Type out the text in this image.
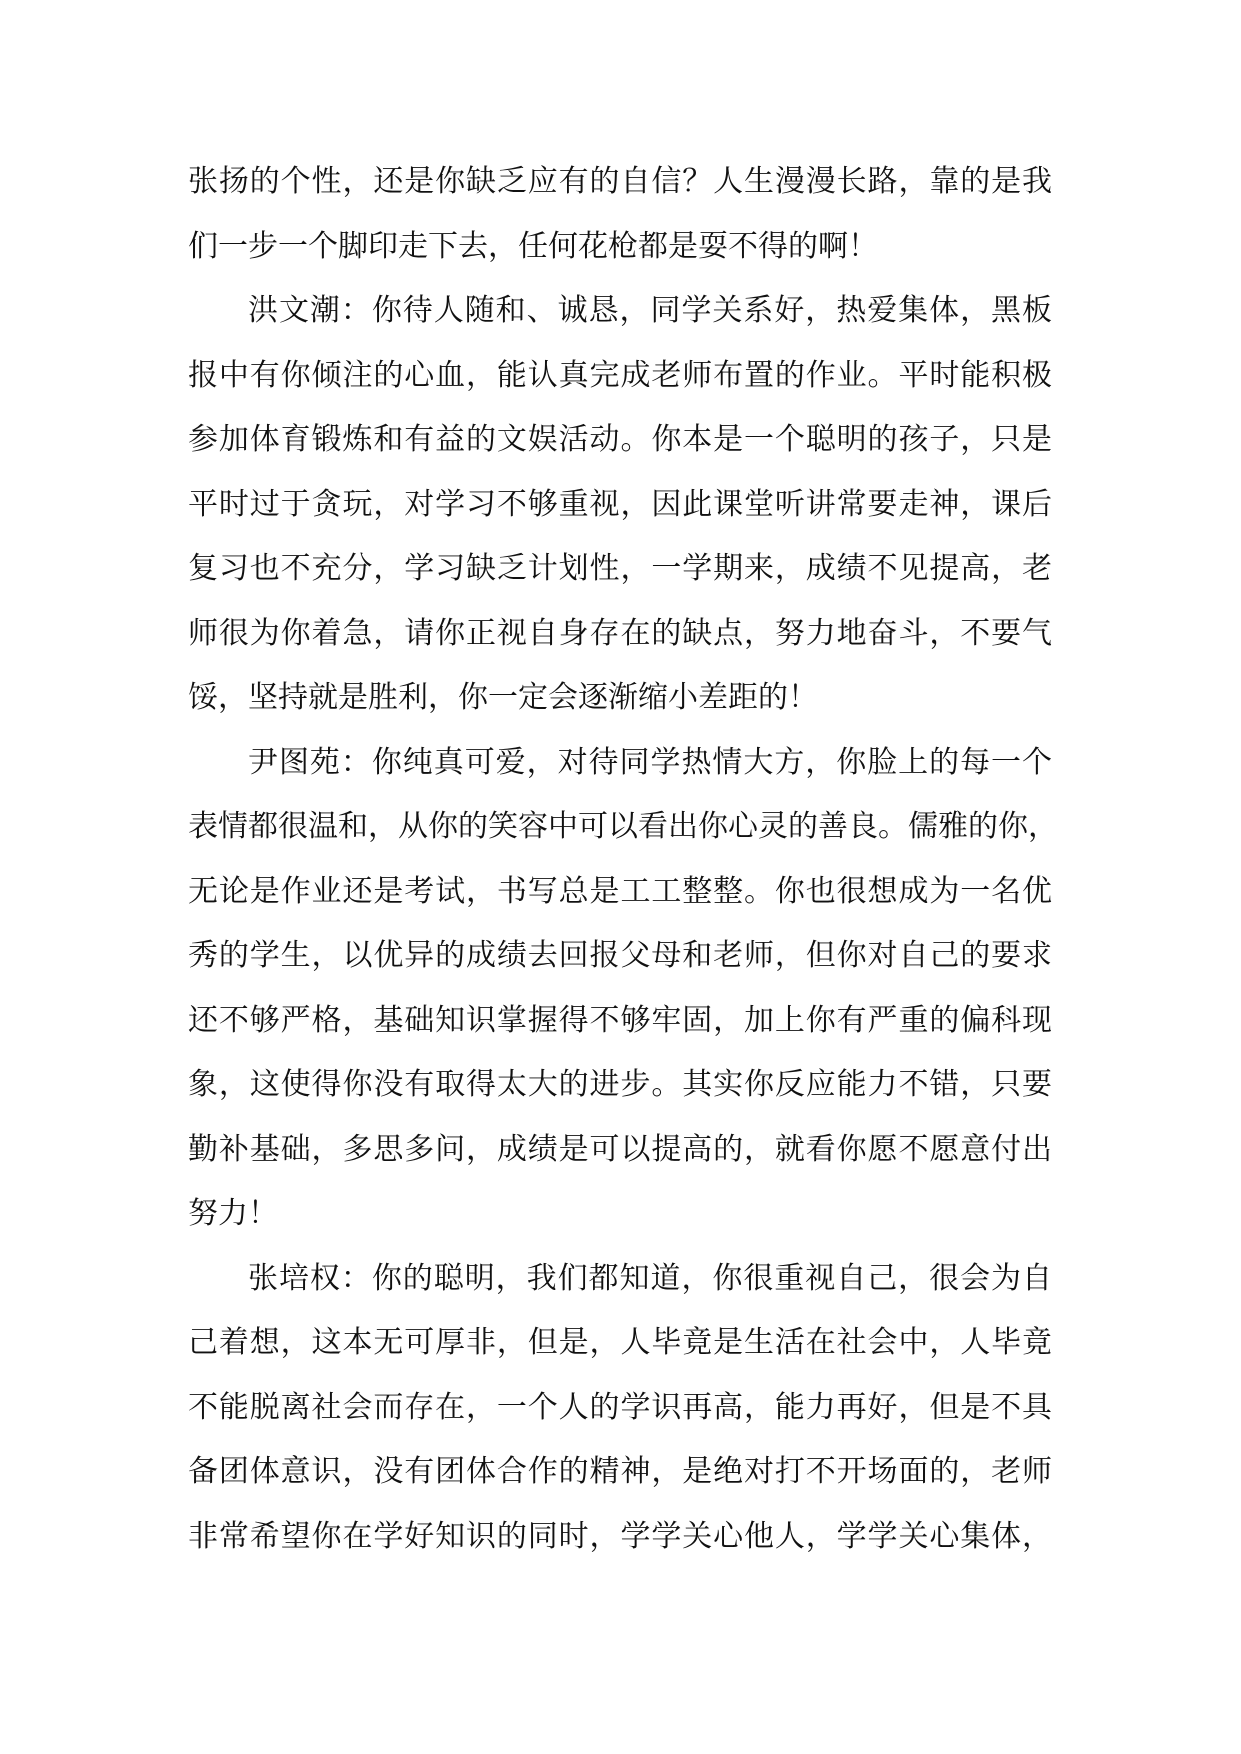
张扬的个性，还是你缺乏应有的自信？人生漫漫长路，靠的是我
们一步一个脚印走下去，任何花枪都是耍不得的啊！
洪文潮：你待人随和、诚恳，同学关系好，热爱集体，黑板
报中有你倾注的心血，能认真完成老师布置的作业。平时能积极
参加体育锻炼和有益的文娱活动。你本是一个聪明的孩子，只是
平时过于贪玩，对学习不够重视，因此课堂听讲常要走神，课后
复习也不充分，学习缺乏计划性，一学期来，成绩不见提高，老
师很为你着急，请你正视自身存在的缺点，努力地奋斗，不要气
馁，坚持就是胜利，你一定会逐渐缩小差距的！
尹图苑：你纯真可爱，对待同学热情大方，你脸上的每一个
表情都很温和，从你的笑容中可以看出你心灵的善良。儒雅的你，
无论是作业还是考试，书写总是工工整整。你也很想成为一名优
秀的学生，以优异的成绩去回报父母和老师，但你对自己的要求
还不够严格，基础知识掌握得不够牢固，加上你有严重的偏科现
象，这使得你没有取得太大的进步。其实你反应能力不错，只要
勤补基础，多思多问，成绩是可以提高的，就看你愿不愿意付出
努力！
张培权：你的聪明，我们都知道，你很重视自己，很会为自
己着想，这本无可厚非，但是，人毕竟是生活在社会中，人毕竟
不能脱离社会而存在，一个人的学识再高，能力再好，但是不具
备团体意识，没有团体合作的精神，是绝对打不开场面的，老师
非常希望你在学好知识的同时，学学关心他人，学学关心集体，
